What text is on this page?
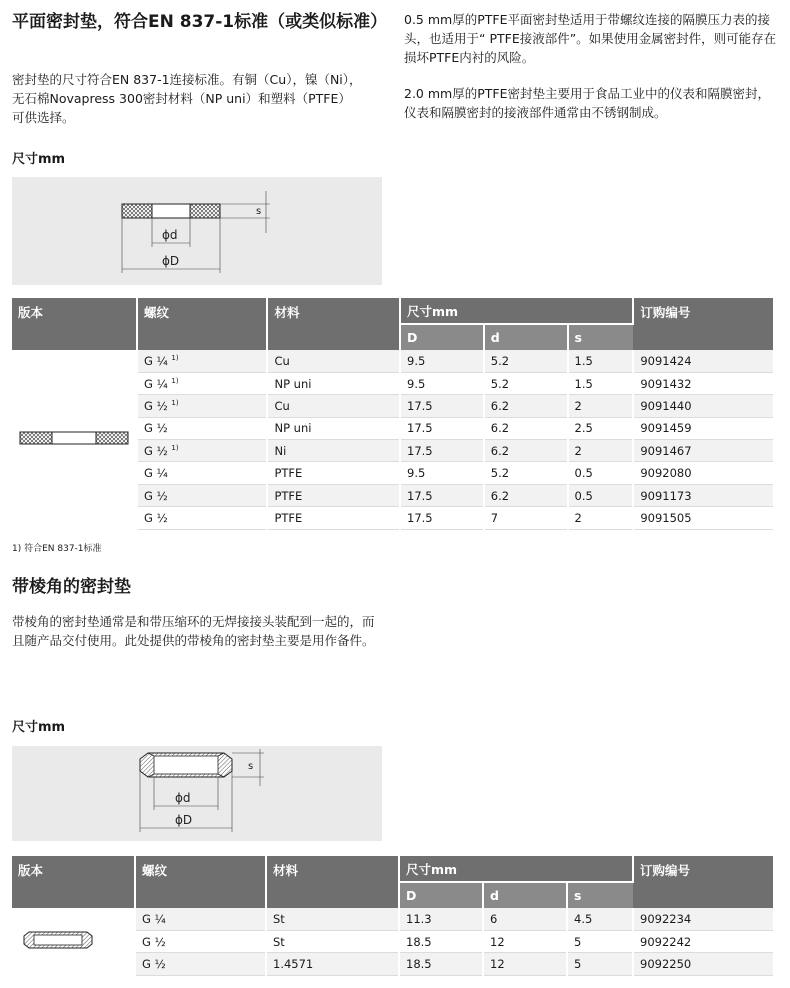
平面密封垫，符合EN 837-1标准（或类似标准）
密封垫的尺寸符合EN 837-1连接标准。有铜（Cu），镍（Ni），无石棉Novapress 300密封材料（NP uni）和塑料（PTFE）可供选择。
0.5 mm厚的PTFE平面密封垫适用于带螺纹连接的隔膜压力表的接头，也适用于“ PTFE接液部件”。如果使用金属密封件，则可能存在损坏PTFE内衬的风险。
2.0 mm厚的PTFE密封垫主要用于食品工业中的仪表和隔膜密封，仪表和隔膜密封的接液部件通常由不锈钢制成。
尺寸mm
s
ϕd
ϕD
版本	螺纹	材料	尺寸mm			订购编号
			D	d	s	
	G ¼ $^{1)}$	Cu	9.5	5.2	1.5	9091424
	G ¼ $^{1)}$	NP uni	9.5	5.2	1.5	9091432
	G ½ $^{1)}$	Cu	17.5	6.2	2	9091440
	G ½	NP uni	17.5	6.2	2.5	9091459
	G ½ $^{1)}$	Ni	17.5	6.2	2	9091467
	G ¼	PTFE	9.5	5.2	0.5	9092080
	G ½	PTFE	17.5	6.2	0.5	9091173
	G ½	PTFE	17.5	7	2	9091505
1) 符合EN 837-1标准
带棱角的密封垫
带棱角的密封垫通常是和带压缩环的无焊接接头装配到一起的，而且随产品交付使用。此处提供的带棱角的密封垫主要是用作备件。
尺寸mm
s
ϕd
ϕD
版本	螺纹	材料	尺寸mm			订购编号
			D	d	s	
	G ¼	St	11.3	6	4.5	9092234
	G ½	St	18.5	12	5	9092242
	G ½	1.4571	18.5	12	5	9092250
